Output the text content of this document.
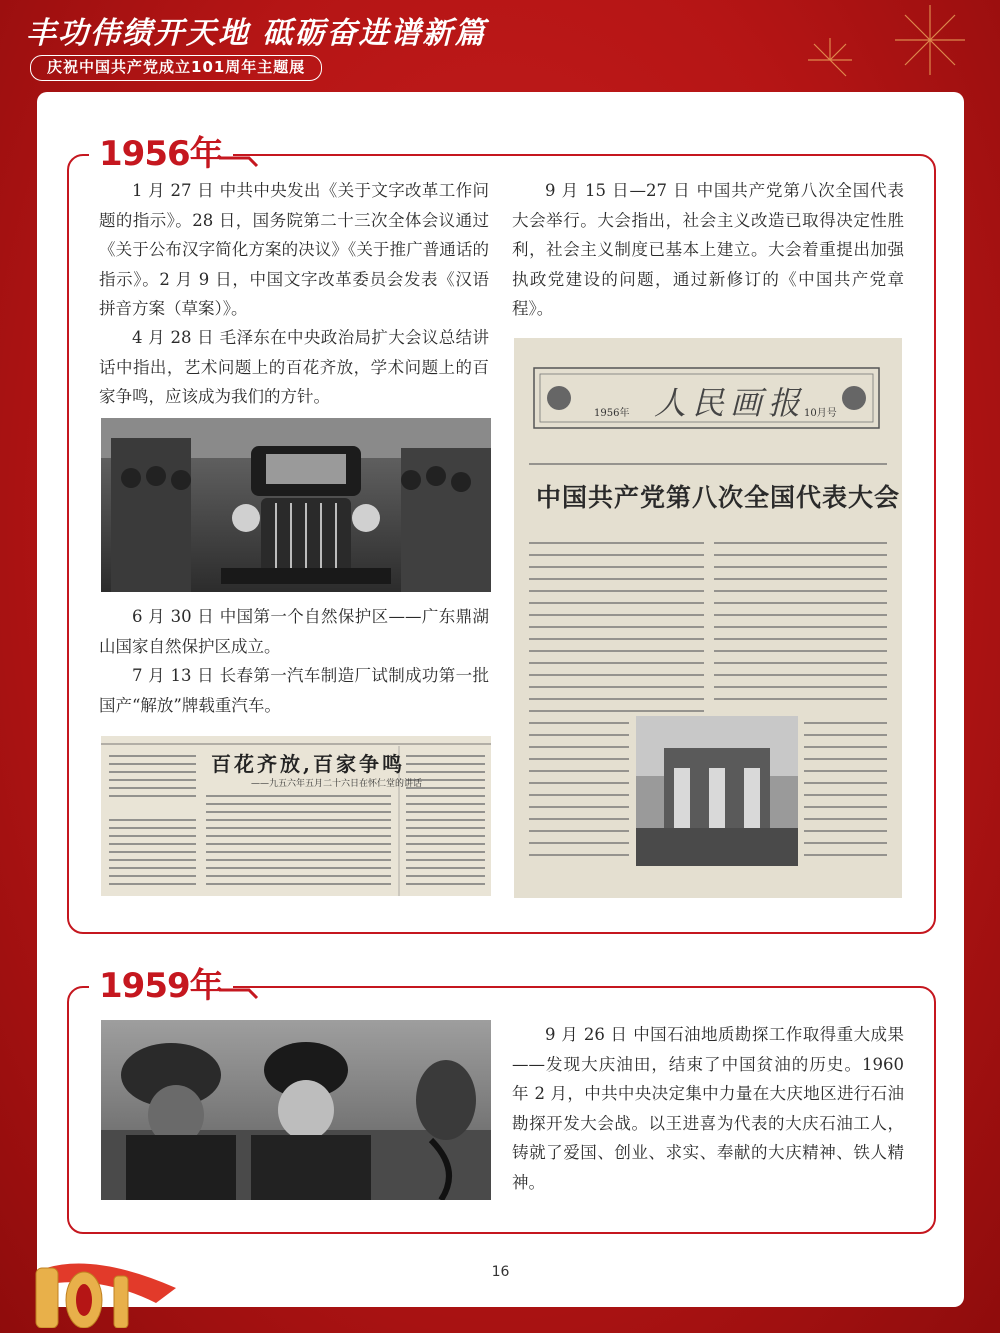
丰功伟绩开天地 砥砺奋进谱新篇
庆祝中国共产党成立101周年主题展
1956年

1 月 27 日 中共中央发出《关于文字改革工作问题的指示》。28 日，国务院第二十三次全体会议通过《关于公布汉字简化方案的决议》《关于推广普通话的指示》。2 月 9 日，中国文字改革委员会发表《汉语拼音方案（草案）》。

4 月 28 日 毛泽东在中央政治局扩大会议总结讲话中指出，艺术问题上的百花齐放，学术问题上的百家争鸣，应该成为我们的方针。

6 月 30 日 中国第一个自然保护区——广东鼎湖山国家自然保护区成立。

7 月 13 日 长春第一汽车制造厂试制成功第一批国产“解放”牌载重汽车。

百花齐放,百家争鸣
——九五六年五月二十六日在怀仁堂的讲话

9 月 15 日—27 日 中国共产党第八次全国代表大会举行。大会指出，社会主义改造已取得决定性胜利，社会主义制度已基本上建立。大会着重提出加强执政党建设的问题，通过新修订的《中国共产党章程》。

人民画报
1956年	10月号
中国共产党第八次全国代表大会
1959年

9 月 26 日 中国石油地质勘探工作取得重大成果——发现大庆油田，结束了中国贫油的历史。1960 年 2 月，中共中央决定集中力量在大庆地区进行石油勘探开发大会战。以王进喜为代表的大庆石油工人，铸就了爱国、创业、求实、奉献的大庆精神、铁人精神。

16
